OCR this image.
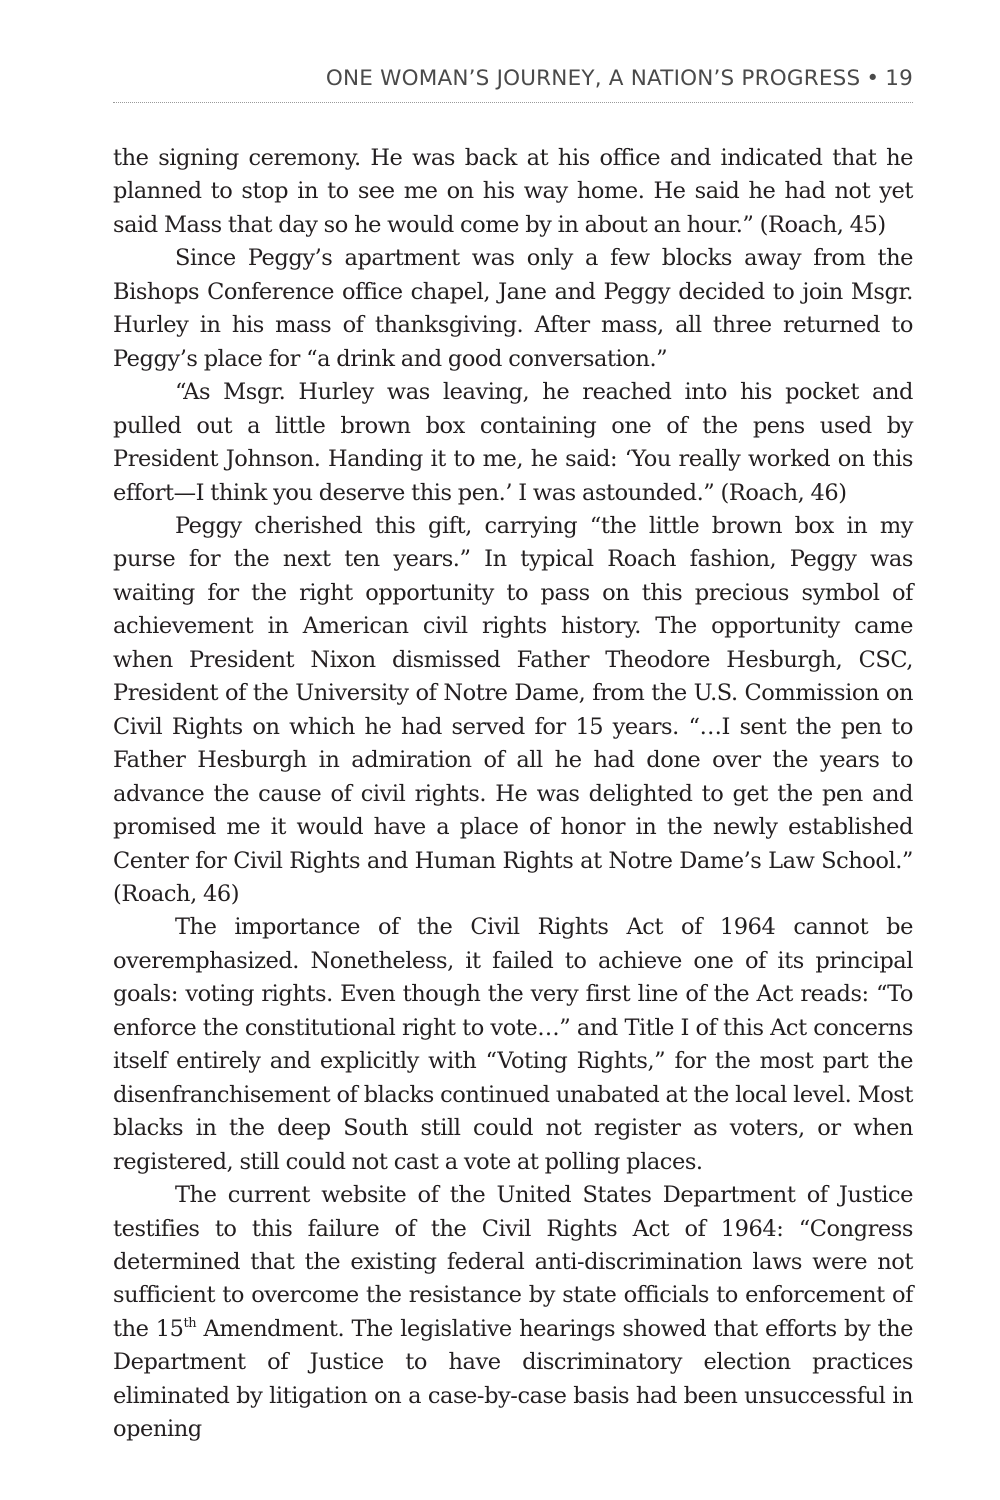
ONE WOMAN’S JOURNEY, A NATION’S PROGRESS • 19

the signing ceremony. He was back at his office and indicated that he planned to stop in to see me on his way home. He said he had not yet said Mass that day so he would come by in about an hour.” (Roach, 45)

Since Peggy’s apartment was only a few blocks away from the Bishops Conference office chapel, Jane and Peggy decided to join Msgr. Hurley in his mass of thanksgiving. After mass, all three returned to Peggy’s place for “a drink and good conversation.”

“As Msgr. Hurley was leaving, he reached into his pocket and pulled out a little brown box containing one of the pens used by President Johnson. Handing it to me, he said: ‘You really worked on this effort—I think you deserve this pen.’ I was astounded.” (Roach, 46)

Peggy cherished this gift, carrying “the little brown box in my purse for the next ten years.” In typical Roach fashion, Peggy was waiting for the right opportunity to pass on this precious symbol of achievement in American civil rights history. The opportunity came when President Nixon dismissed Father Theodore Hesburgh, CSC, President of the University of Notre Dame, from the U.S. Commission on Civil Rights on which he had served for 15 years. “…I sent the pen to Father Hesburgh in admiration of all he had done over the years to advance the cause of civil rights. He was delighted to get the pen and promised me it would have a place of honor in the newly established Center for Civil Rights and Human Rights at Notre Dame’s Law School.” (Roach, 46)

The importance of the Civil Rights Act of 1964 cannot be overemphasized. Nonetheless, it failed to achieve one of its principal goals: voting rights. Even though the very first line of the Act reads: “To enforce the constitutional right to vote…” and Title I of this Act concerns itself entirely and explicitly with “Voting Rights,” for the most part the disenfranchisement of blacks continued unabated at the local level. Most blacks in the deep South still could not register as voters, or when registered, still could not cast a vote at polling places.

The current website of the United States Department of Justice testifies to this failure of the Civil Rights Act of 1964: “Congress determined that the existing federal anti-discrimination laws were not sufficient to overcome the resistance by state officials to enforcement of the 15th Amendment. The legislative hearings showed that efforts by the Department of Justice to have discriminatory election practices eliminated by litigation on a case-by-case basis had been unsuccessful in opening
